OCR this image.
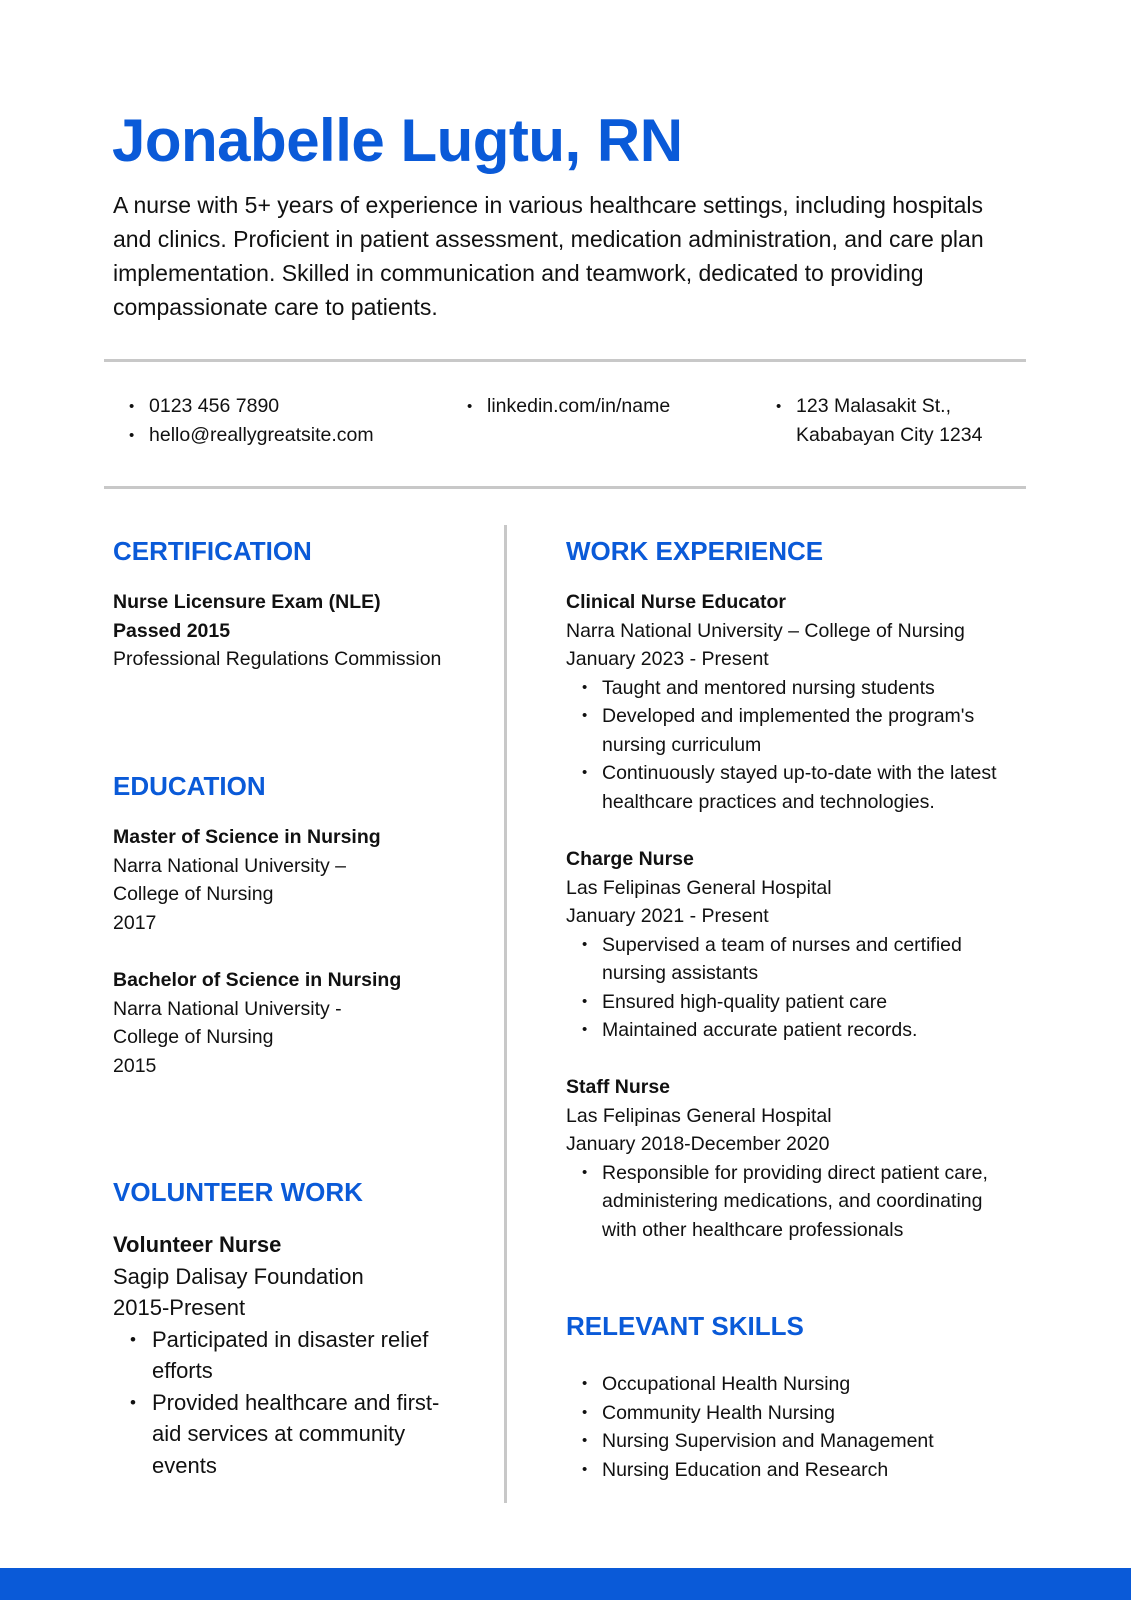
Jonabelle Lugtu, RN

A nurse with 5+ years of experience in various healthcare settings, including hospitals and clinics. Proficient in patient assessment, medication administration, and care plan implementation. Skilled in communication and teamwork, dedicated to providing compassionate care to patients.

• 0123 456 7890
• hello@reallygreatsite.com
• linkedin.com/in/name
•	123 Malasakit St.,
Kababayan City 1234
CERTIFICATION

Nurse Licensure Exam (NLE)

Passed 2015

Professional Regulations Commission

EDUCATION

Master of Science in Nursing

Narra National University –

College of Nursing

2017

Bachelor of Science in Nursing

Narra National University -

College of Nursing

2015

VOLUNTEER WORK

Volunteer Nurse

Sagip Dalisay Foundation

2015-Present

• Participated in disaster relief
efforts
• Provided healthcare and first-
aid services at community
events
WORK EXPERIENCE

Clinical Nurse Educator

Narra National University – College of Nursing

January 2023 - Present

• Taught and mentored nursing students
• Developed and implemented the program's
nursing curriculum
• Continuously stayed up-to-date with the latest
healthcare practices and technologies.

Charge Nurse

Las Felipinas General Hospital

January 2021 - Present

• Supervised a team of nurses and certified
nursing assistants
• Ensured high-quality patient care
• Maintained accurate patient records.

Staff Nurse

Las Felipinas General Hospital

January 2018-December 2020

• Responsible for providing direct patient care,
administering medications, and coordinating
with other healthcare professionals
RELEVANT SKILLS
• Occupational Health Nursing
• Community Health Nursing
• Nursing Supervision and Management
• Nursing Education and Research
